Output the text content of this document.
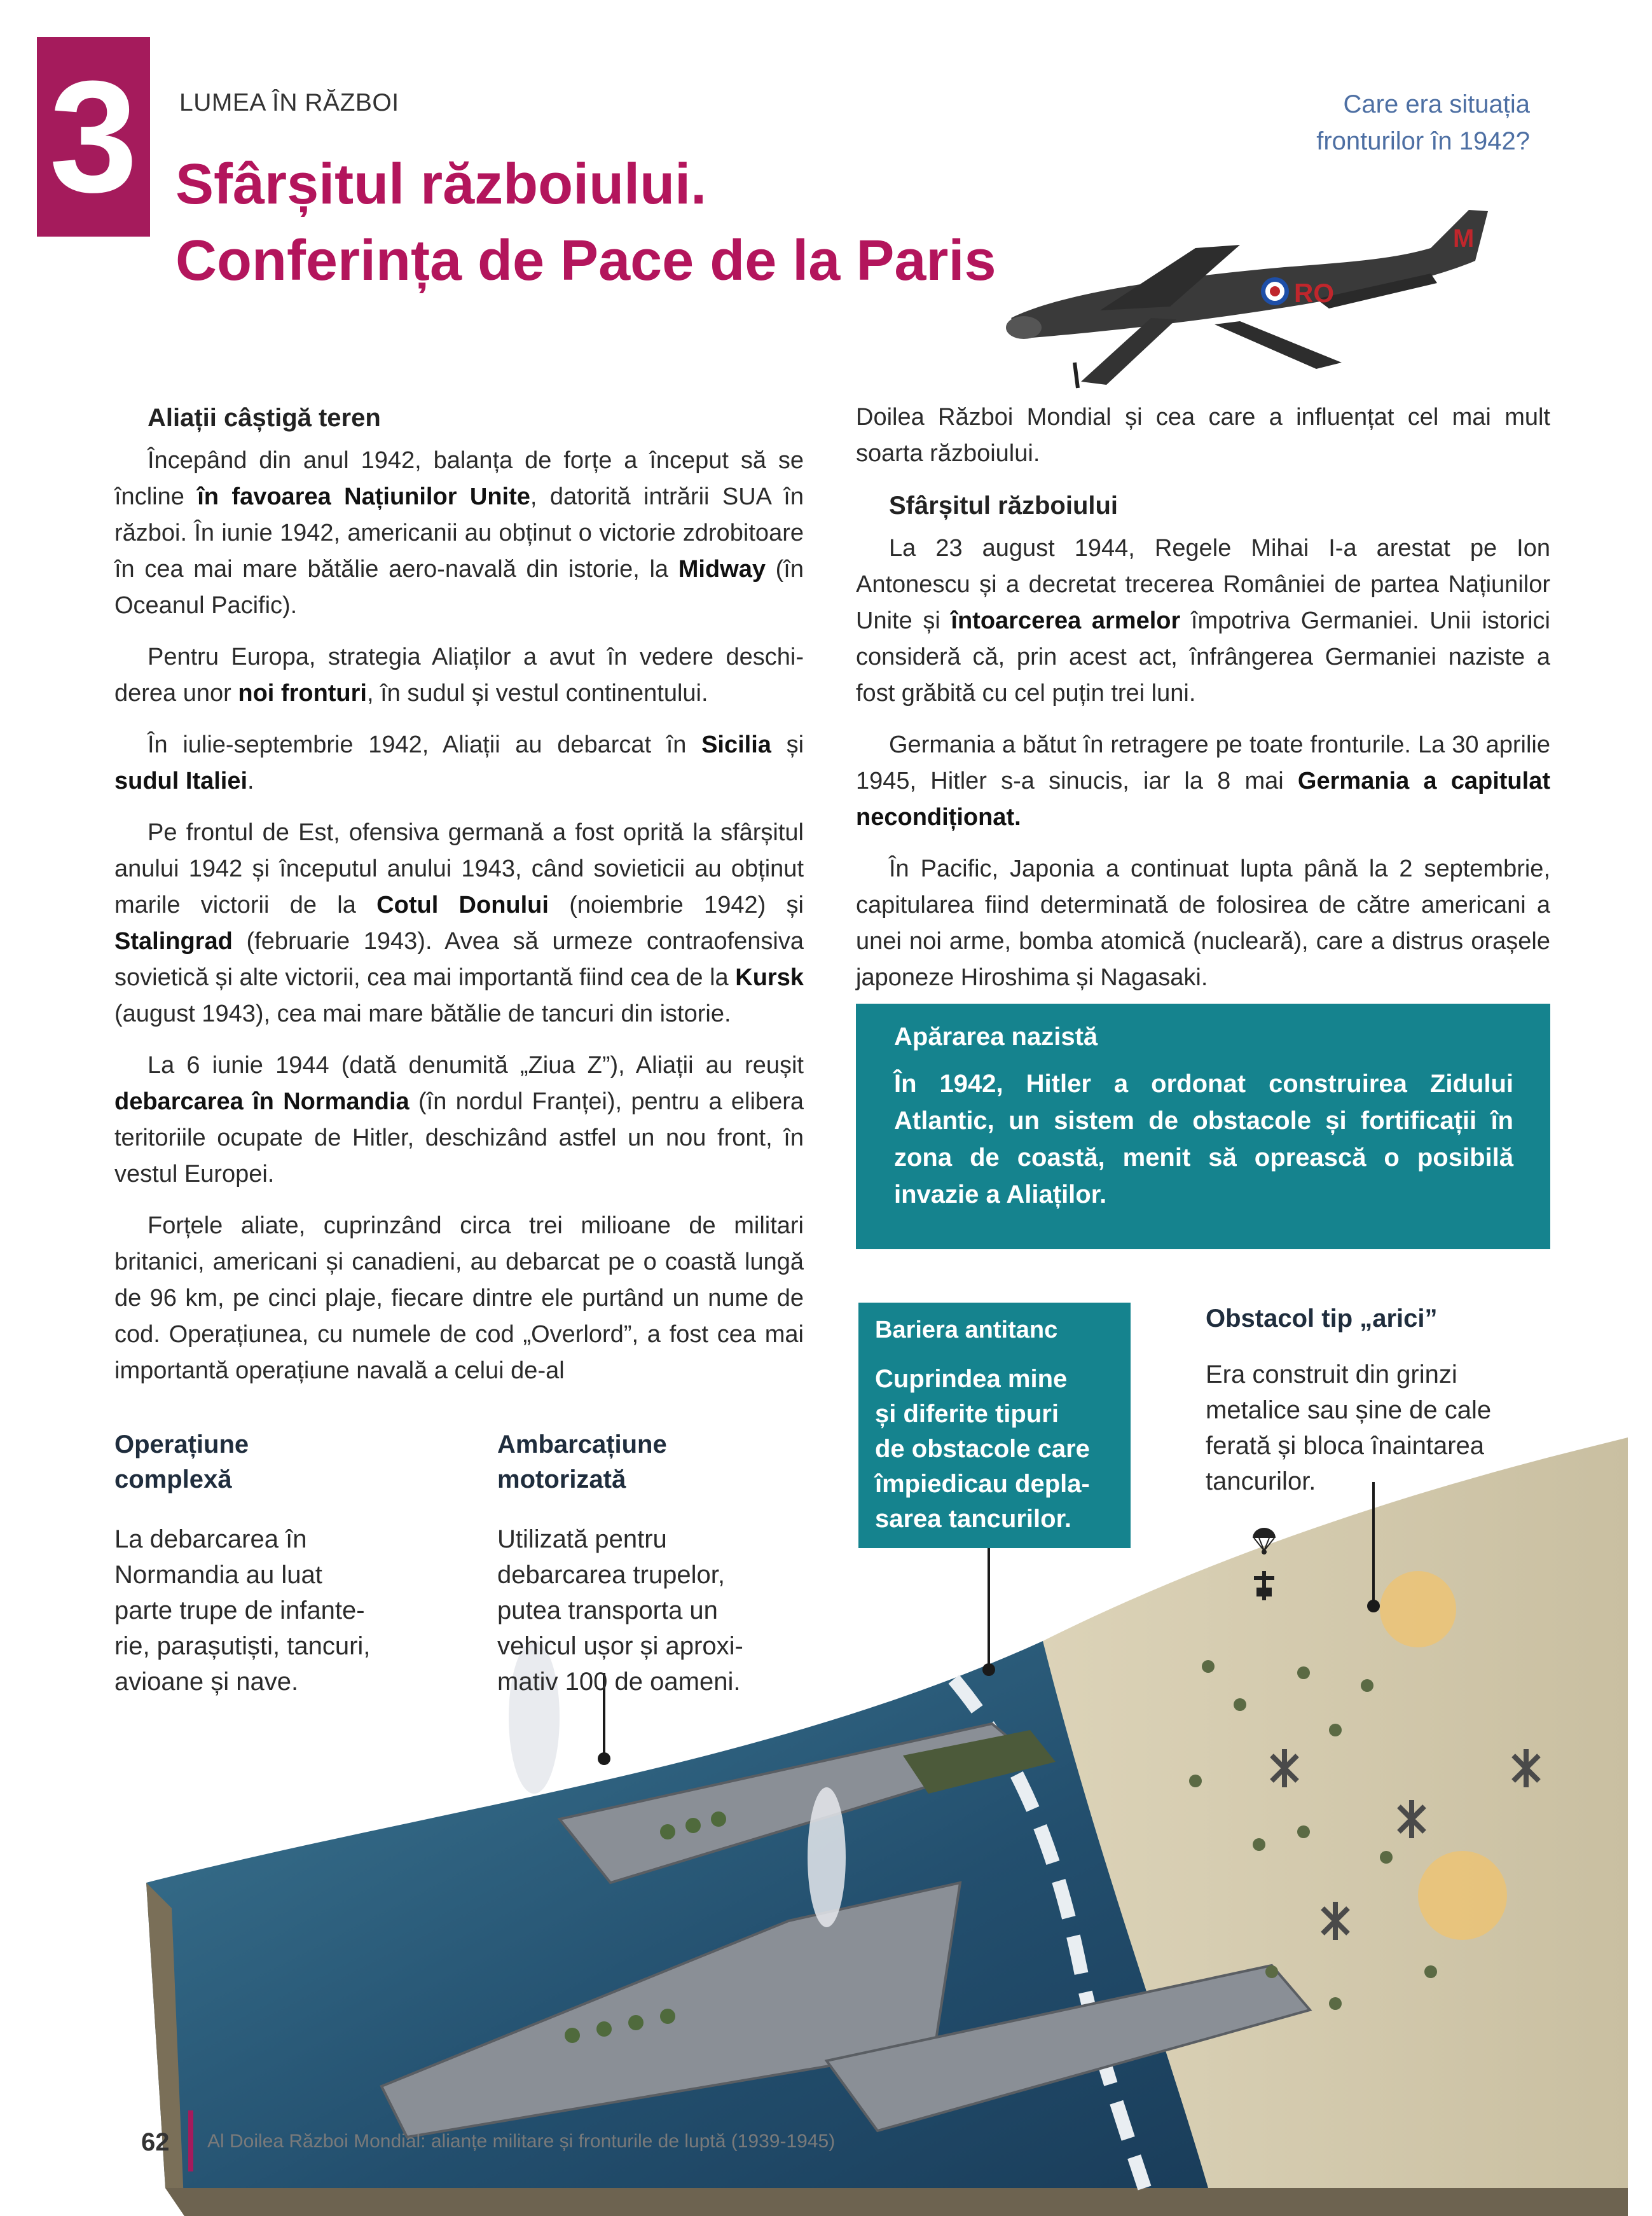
3	LUMEA ÎN RĂZBOI
Sfârșitul războiului.
Conferința de Pace de la Paris
Care era situația
fronturilor în 1942?
RO
M
Aliații câștigă teren

Începând din anul 1942, balanța de forțe a început să se încline în favoarea Națiunilor Unite, datorită intrării SUA în război. În iunie 1942, americanii au obținut o victorie zdrobitoare în cea mai mare bătălie aero-navală din istorie, la Midway (în Oceanul Pacific).

Pentru Europa, strategia Aliaților a avut în vedere deschiderea unor noi fronturi, în sudul și vestul continentului.

În iulie-septembrie 1942, Aliații au debarcat în Sicilia și sudul Italiei.

Pe frontul de Est, ofensiva germană a fost oprită la sfârșitul anului 1942 și începutul anului 1943, când sovieticii au obținut marile victorii de la Cotul Donului (noiembrie 1942) și Stalingrad (februarie 1943). Avea să urmeze contraofensiva sovietică și alte victorii, cea mai importantă fiind cea de la Kursk (august 1943), cea mai mare bătălie de tancuri din istorie.

La 6 iunie 1944 (dată denumită „Ziua Z”), Aliații au reușit debarcarea în Normandia (în nordul Franței), pentru a elibera teritoriile ocupate de Hitler, deschizând astfel un nou front, în vestul Europei.

Forțele aliate, cuprinzând circa trei milioane de militari britanici, americani și canadieni, au debarcat pe o coastă lungă de 96 km, pe cinci plaje, fiecare dintre ele purtând un nume de cod. Operațiunea, cu numele de cod „Overlord”, a fost cea mai importantă operațiune navală a celui de-al

Doilea Război Mondial și cea care a influențat cel mai mult soarta războiului.

Sfârșitul războiului

La 23 august 1944, Regele Mihai I-a arestat pe Ion Antonescu și a decretat trecerea României de partea Națiunilor Unite și întoarcerea armelor împotriva Germaniei. Unii istorici consideră că, prin acest act, înfrângerea Germaniei naziste a fost grăbită cu cel puțin trei luni.

Germania a bătut în retragere pe toate fronturile. La 30 aprilie 1945, Hitler s-a sinucis, iar la 8 mai Germania a capitulat necondiționat.

În Pacific, Japonia a continuat lupta până la 2 septembrie, capitularea fiind determinată de folosirea de către americani a unei noi arme, bomba atomică (nucleară), care a distrus orașele japoneze Hiroshima și Nagasaki.

Apărarea nazistă

În 1942, Hitler a ordonat construirea Zidului Atlantic, un sistem de obstacole și fortificații în zona de coastă, menit să oprească o posibilă invazie a Aliaților.

Operațiune
complexă
La debarcarea în
Normandia au luat
parte trupe de infante-
rie, parașutiști, tancuri,
avioane și nave.
Ambarcațiune
motorizată
Utilizată pentru
debarcarea trupelor,
putea transporta un
vehicul ușor și aproxi-
mativ 100 de oameni.
Bariera antitanc

Cuprindea mine
și diferite tipuri
de obstacole care
împiedicau depla-
sarea tancurilor.

Obstacol tip „arici”
Era construit din grinzi
metalice sau șine de cale
ferată și bloca înaintarea
tancurilor.
62 Al Doilea Război Mondial: alianțe militare și fronturile de luptă (1939-1945)
